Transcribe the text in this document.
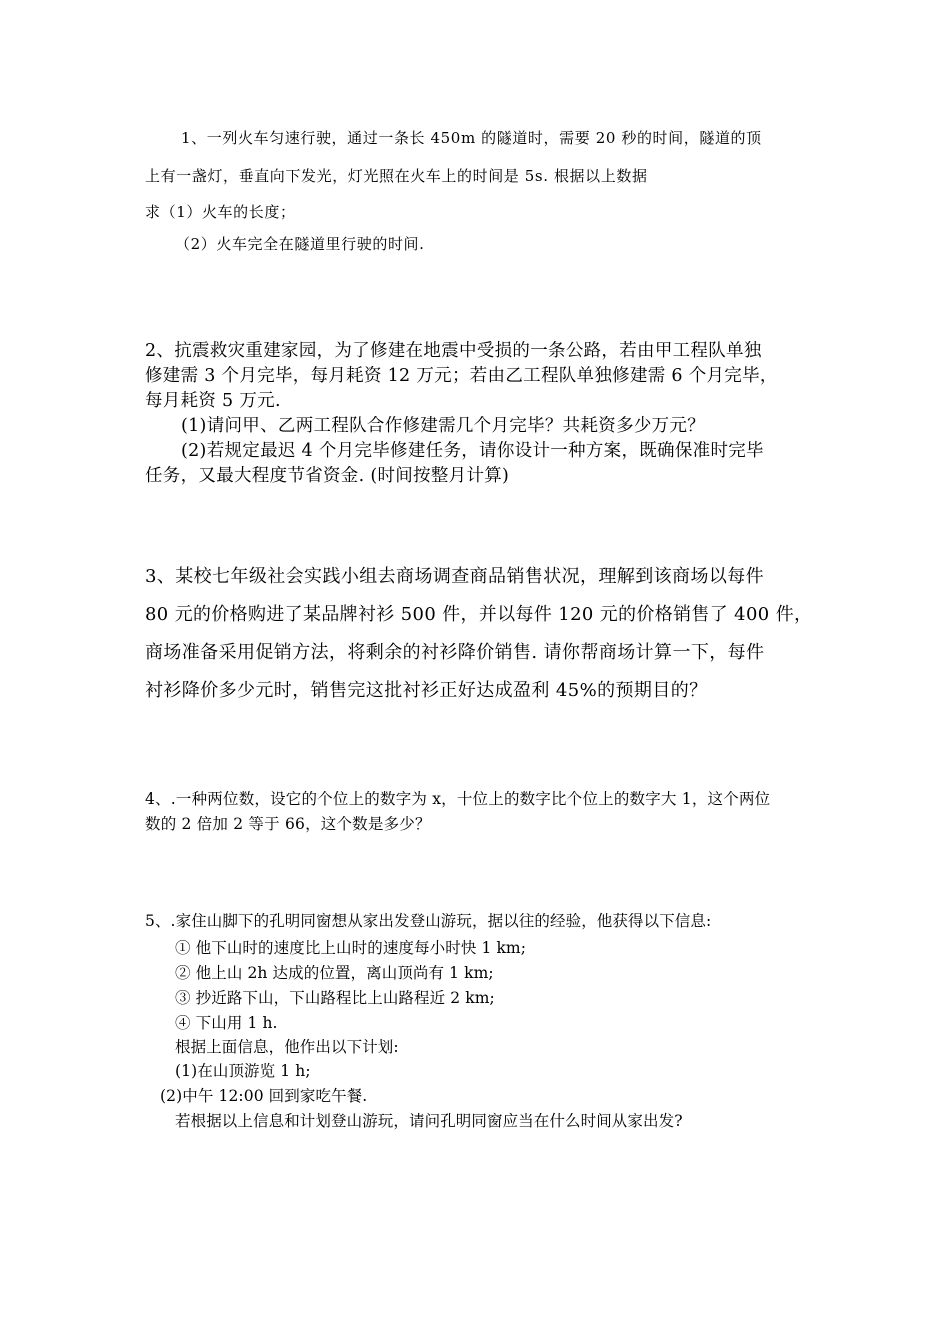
1、一列火车匀速行驶，通过一条长 450m 的隧道时，需要 20 秒的时间，隧道的顶
上有一盏灯，垂直向下发光，灯光照在火车上的时间是 5s. 根据以上数据
求（1）火车的长度；
（2）火车完全在隧道里行驶的时间.
2、抗震救灾重建家园，为了修建在地震中受损的一条公路，若由甲工程队单独
修建需 3 个月完毕，每月耗资 12 万元；若由乙工程队单独修建需 6 个月完毕，
每月耗资 5 万元.
(1)请问甲、乙两工程队合作修建需几个月完毕？共耗资多少万元？
(2)若规定最迟 4 个月完毕修建任务，请你设计一种方案，既确保准时完毕
任务，又最大程度节省资金. (时间按整月计算)
3、某校七年级社会实践小组去商场调查商品销售状况，理解到该商场以每件
80 元的价格购进了某品牌衬衫 500 件，并以每件 120 元的价格销售了 400 件，
商场准备采用促销方法，将剩余的衬衫降价销售. 请你帮商场计算一下，每件
衬衫降价多少元时，销售完这批衬衫正好达成盈利 45%的预期目的？
4、.一种两位数，设它的个位上的数字为 x，十位上的数字比个位上的数字大 1，这个两位
数的 2 倍加 2 等于 66，这个数是多少？
5、.家住山脚下的孔明同窗想从家出发登山游玩，据以往的经验，他获得以下信息:
① 他下山时的速度比上山时的速度每小时快 1 km;
② 他上山 2h 达成的位置，离山顶尚有 1 km;
③ 抄近路下山，下山路程比上山路程近 2 km;
④ 下山用 1 h.
根据上面信息，他作出以下计划:
(1)在山顶游览 1 h;
(2)中午 12:00 回到家吃午餐.
若根据以上信息和计划登山游玩，请问孔明同窗应当在什么时间从家出发?
